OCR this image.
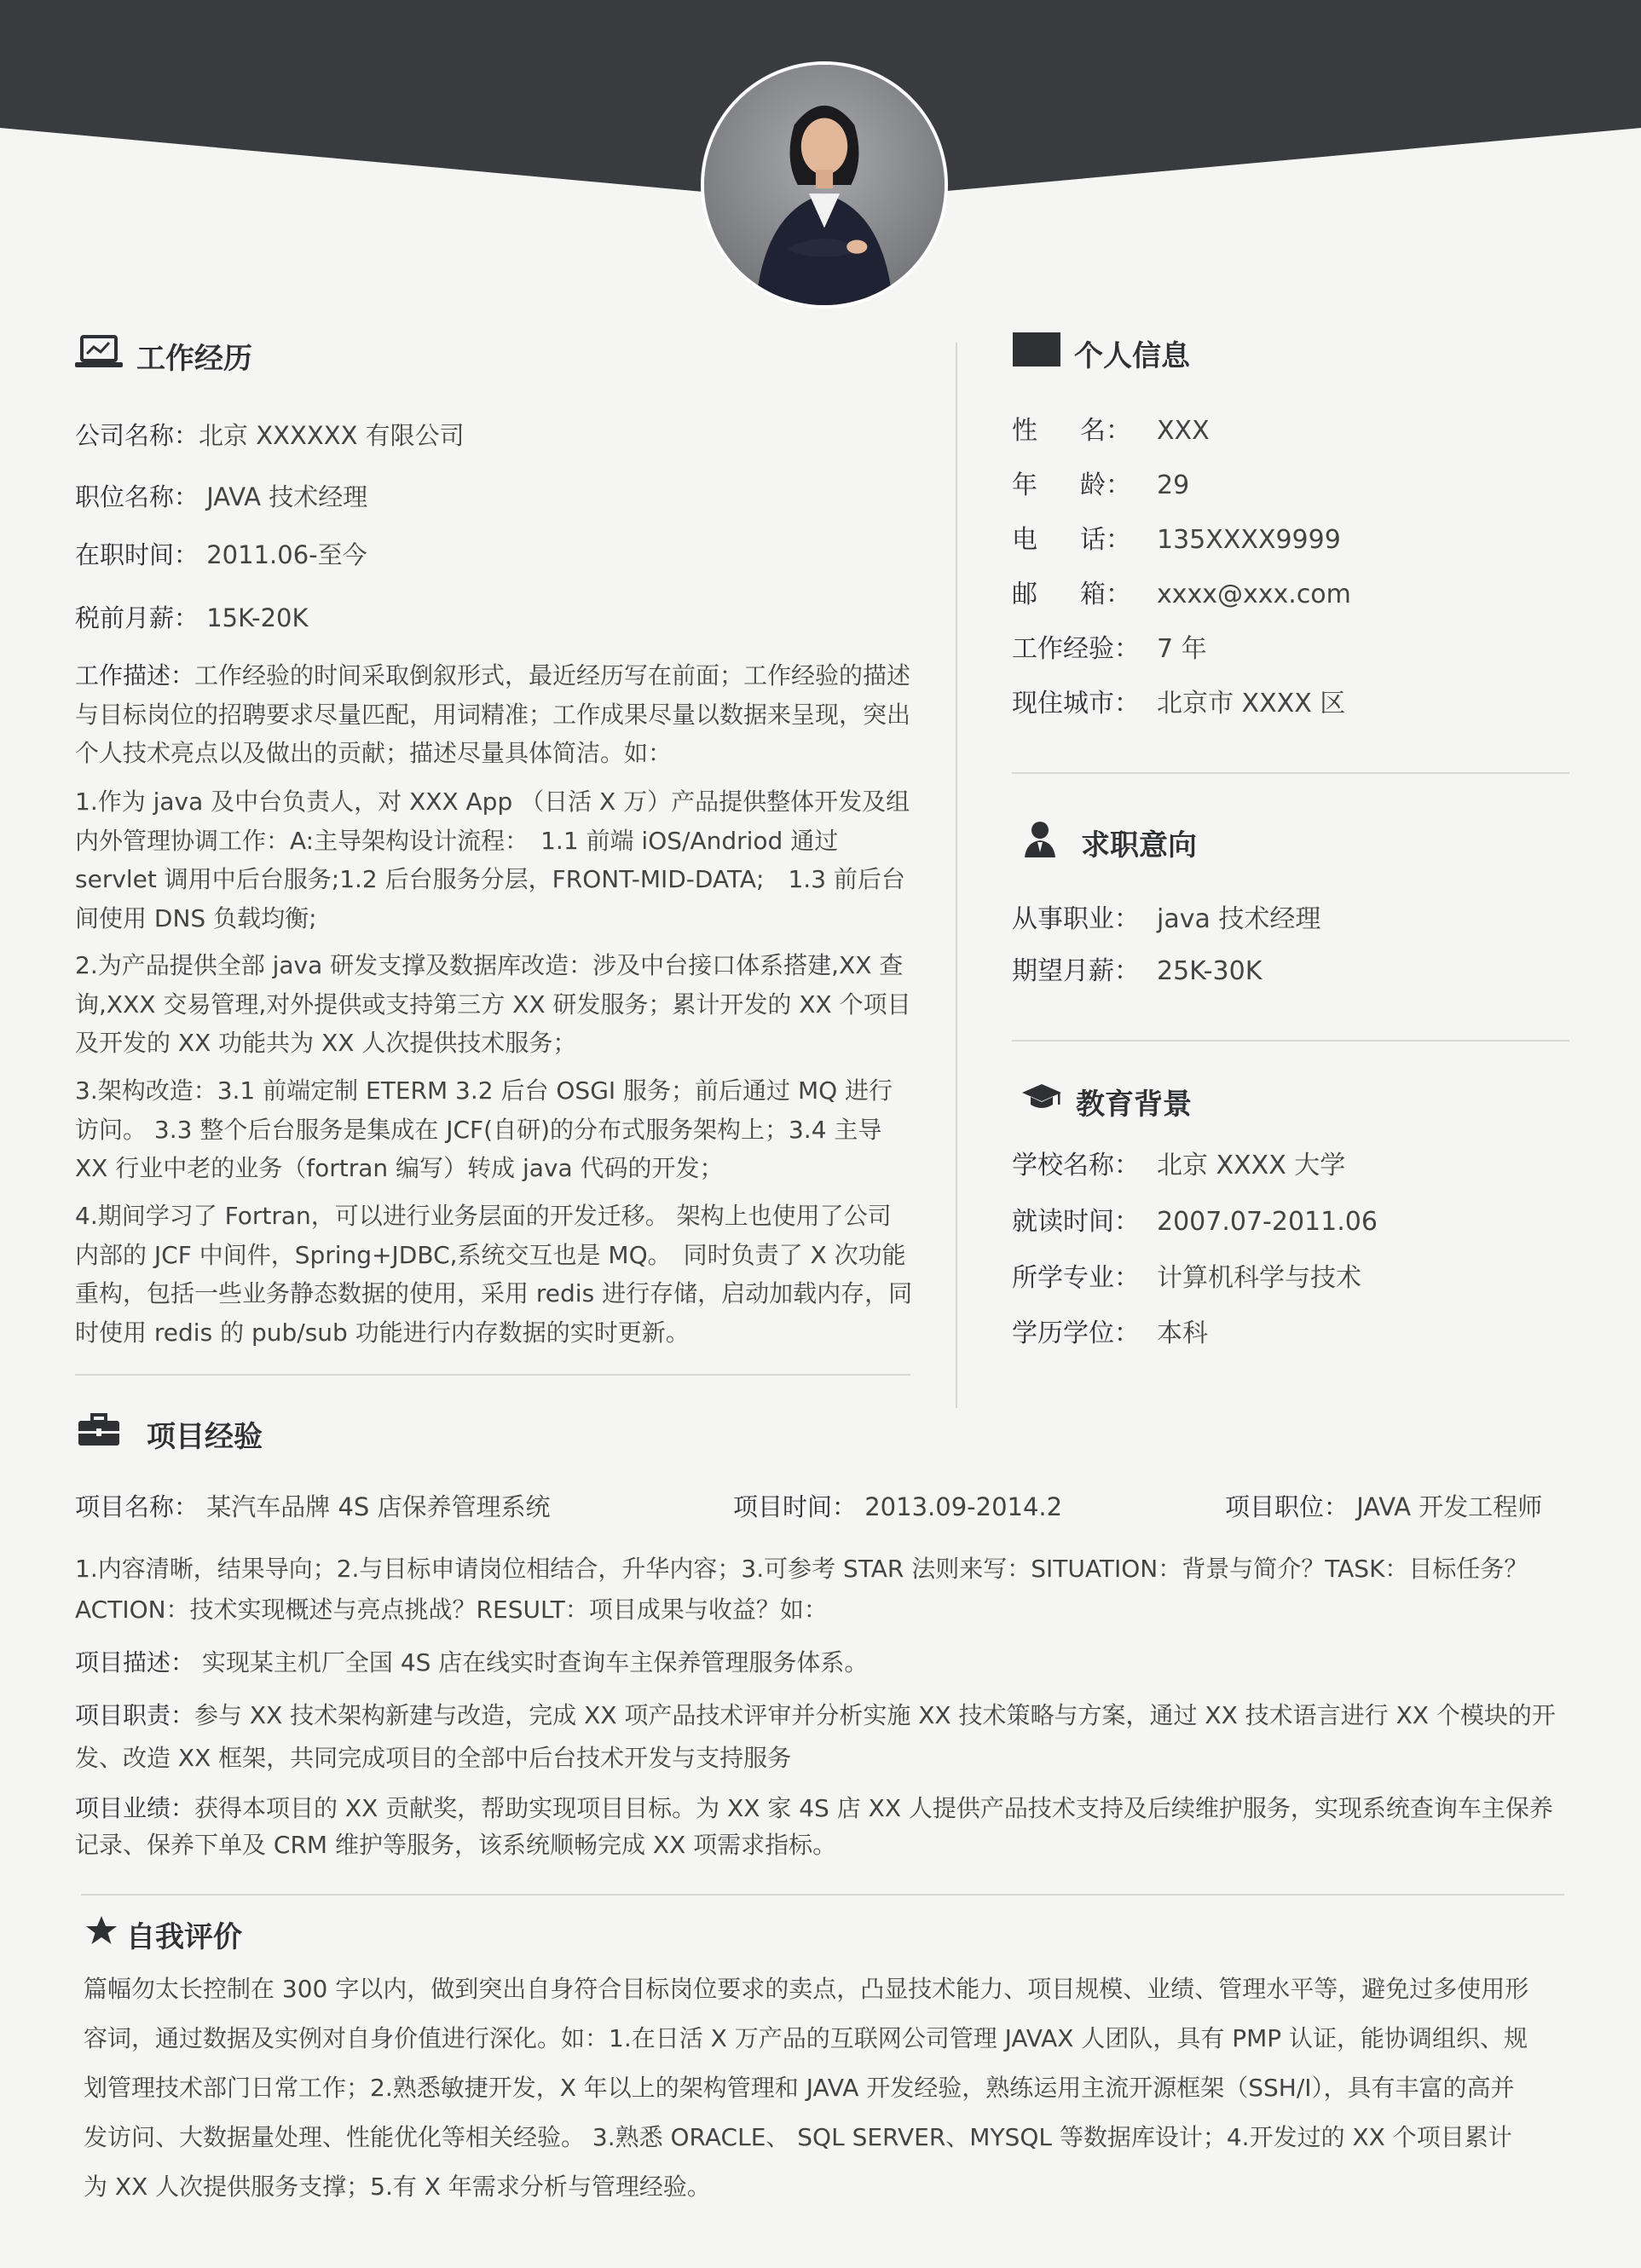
工作经历
公司名称：北京 XXXXXX 有限公司
职位名称： JAVA 技术经理
在职时间： 2011.06-至今
税前月薪： 15K-20K
工作描述：工作经验的时间采取倒叙形式，最近经历写在前面；工作经验的描述与目标岗位的招聘要求尽量匹配，用词精准；工作成果尽量以数据来呈现，突出个人技术亮点以及做出的贡献；描述尽量具体简洁。如：
1.作为 java 及中台负责人，对 XXX App （日活 X 万）产品提供整体开发及组内外管理协调工作：A:主导架构设计流程：　1.1 前端 iOS/Andriod 通过 servlet 调用中后台服务;1.2 后台服务分层，FRONT-MID-DATA;　1.3 前后台间使用 DNS 负载均衡;
2.为产品提供全部 java 研发支撑及数据库改造：涉及中台接口体系搭建,XX 查询,XXX 交易管理,对外提供或支持第三方 XX 研发服务；累计开发的 XX 个项目及开发的 XX 功能共为 XX 人次提供技术服务；
3.架构改造：3.1 前端定制 ETERM 3.2 后台 OSGI 服务；前后通过 MQ 进行访问。 3.3 整个后台服务是集成在 JCF(自研)的分布式服务架构上；3.4 主导 XX 行业中老的业务（fortran 编写）转成 java 代码的开发；
4.期间学习了 Fortran，可以进行业务层面的开发迁移。 架构上也使用了公司内部的 JCF 中间件，Spring+JDBC,系统交互也是 MQ。　同时负责了 X 次功能重构，包括一些业务静态数据的使用，采用 redis 进行存储，启动加载内存，同时使用 redis 的 pub/sub 功能进行内存数据的实时更新。
个人信息
性 名： XXX
年 龄： 29
电 话： 135XXXX9999
邮 箱： xxxx@xxx.com
工作经验： 7 年
现住城市： 北京市 XXXX 区
求职意向
从事职业： java 技术经理
期望月薪： 25K-30K
教育背景
学校名称： 北京 XXXX 大学
就读时间： 2007.07-2011.06
所学专业： 计算机科学与技术
学历学位： 本科
项目经验
项目名称： 某汽车品牌 4S 店保养管理系统	项目时间： 2013.09-2014.2	项目职位： JAVA 开发工程师
1.内容清晰，结果导向；2.与目标申请岗位相结合，升华内容；3.可参考 STAR 法则来写：SITUATION：背景与简介？TASK：目标任务？ACTION：技术实现概述与亮点挑战？RESULT：项目成果与收益？如：
项目描述： 实现某主机厂全国 4S 店在线实时查询车主保养管理服务体系。
项目职责：参与 XX 技术架构新建与改造，完成 XX 项产品技术评审并分析实施 XX 技术策略与方案，通过 XX 技术语言进行 XX 个模块的开发、改造 XX 框架，共同完成项目的全部中后台技术开发与支持服务
项目业绩：获得本项目的 XX 贡献奖，帮助实现项目目标。为 XX 家 4S 店 XX 人提供产品技术支持及后续维护服务，实现系统查询车主保养记录、保养下单及 CRM 维护等服务，该系统顺畅完成 XX 项需求指标。
自我评价
篇幅勿太长控制在 300 字以内，做到突出自身符合目标岗位要求的卖点，凸显技术能力、项目规模、业绩、管理水平等，避免过多使用形容词，通过数据及实例对自身价值进行深化。如：1.在日活 X 万产品的互联网公司管理 JAVAX 人团队，具有 PMP 认证，能协调组织、规划管理技术部门日常工作；2.熟悉敏捷开发，X 年以上的架构管理和 JAVA 开发经验，熟练运用主流开源框架（SSH/I），具有丰富的高并发访问、大数据量处理、性能优化等相关经验。 3.熟悉 ORACLE、 SQL SERVER、MYSQL 等数据库设计；4.开发过的 XX 个项目累计为 XX 人次提供服务支撑；5.有 X 年需求分析与管理经验。
